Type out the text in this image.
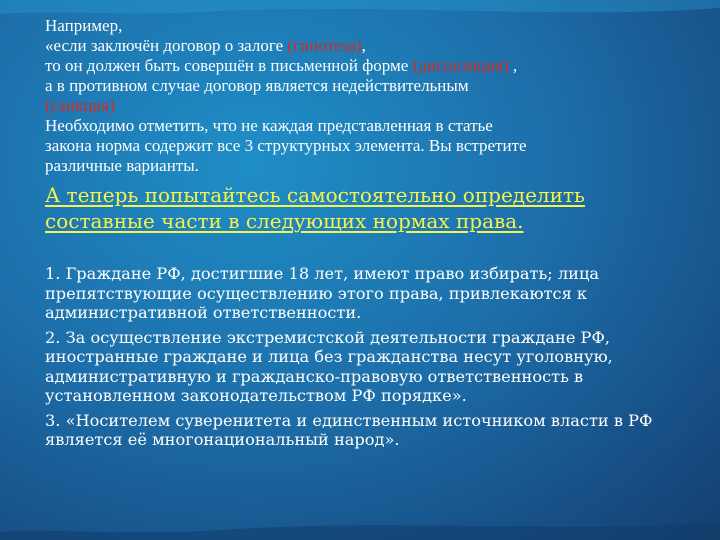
Например,
«если заключён договор о залоге (гипотеза),
то он должен быть совершён в письменной форме (диспозиция) ,
а в противном случае договор является недействительным
(санкция)
Необходимо отметить, что не каждая представленная в статье
закона норма содержит все 3 структурных элемента. Вы встретите
различные варианты.
А теперь попытайтесь самостоятельно определить
составные части в следующих нормах права.

1. Граждане РФ, достигшие 18 лет, имеют право избирать; лица препятствующие осуществлению этого права, привлекаются к административной ответственности.

2. За осуществление экстремистской деятельности граждане РФ, иностранные граждане и лица без гражданства несут уголовную, административную и гражданско-правовую ответственность в установленном законодательством РФ порядке».

3. «Носителем суверенитета и единственным источником власти в РФ является её многонациональный народ».
